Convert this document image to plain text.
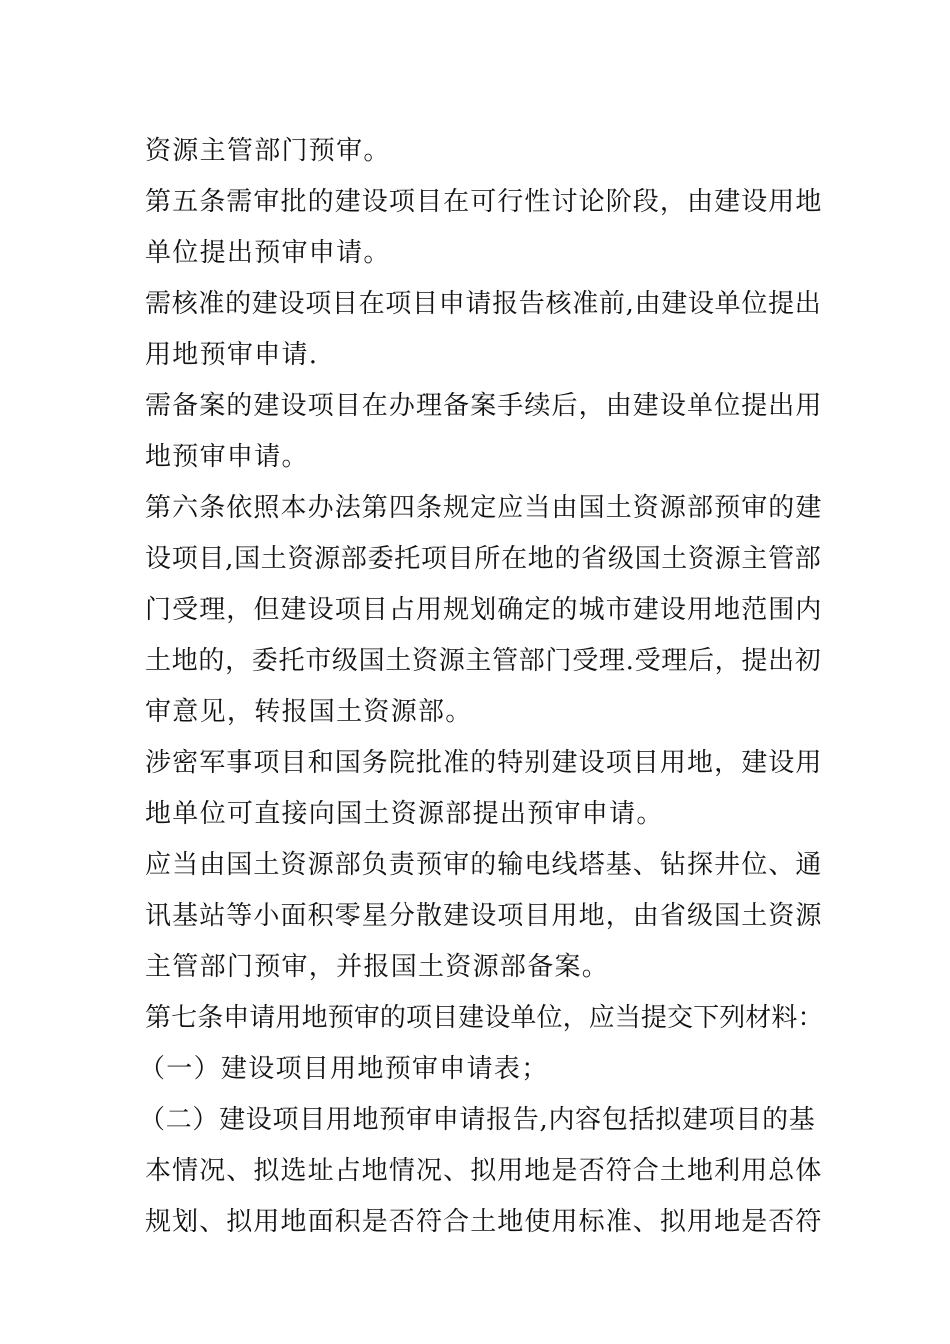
资源主管部门预审。
第五条需审批的建设项目在可行性讨论阶段，由建设用地
单位提出预审申请。
需核准的建设项目在项目申请报告核准前,由建设单位提出
用地预审申请.
需备案的建设项目在办理备案手续后，由建设单位提出用
地预审申请。
第六条依照本办法第四条规定应当由国土资源部预审的建
设项目,国土资源部委托项目所在地的省级国土资源主管部
门受理，但建设项目占用规划确定的城市建设用地范围内
土地的，委托市级国土资源主管部门受理.受理后，提出初
审意见，转报国土资源部。
涉密军事项目和国务院批准的特别建设项目用地，建设用
地单位可直接向国土资源部提出预审申请。
应当由国土资源部负责预审的输电线塔基、钻探井位、通
讯基站等小面积零星分散建设项目用地，由省级国土资源
主管部门预审，并报国土资源部备案。
第七条申请用地预审的项目建设单位，应当提交下列材料：
（一）建设项目用地预审申请表；
（二）建设项目用地预审申请报告,内容包括拟建项目的基
本情况、拟选址占地情况、拟用地是否符合土地利用总体
规划、拟用地面积是否符合土地使用标准、拟用地是否符
